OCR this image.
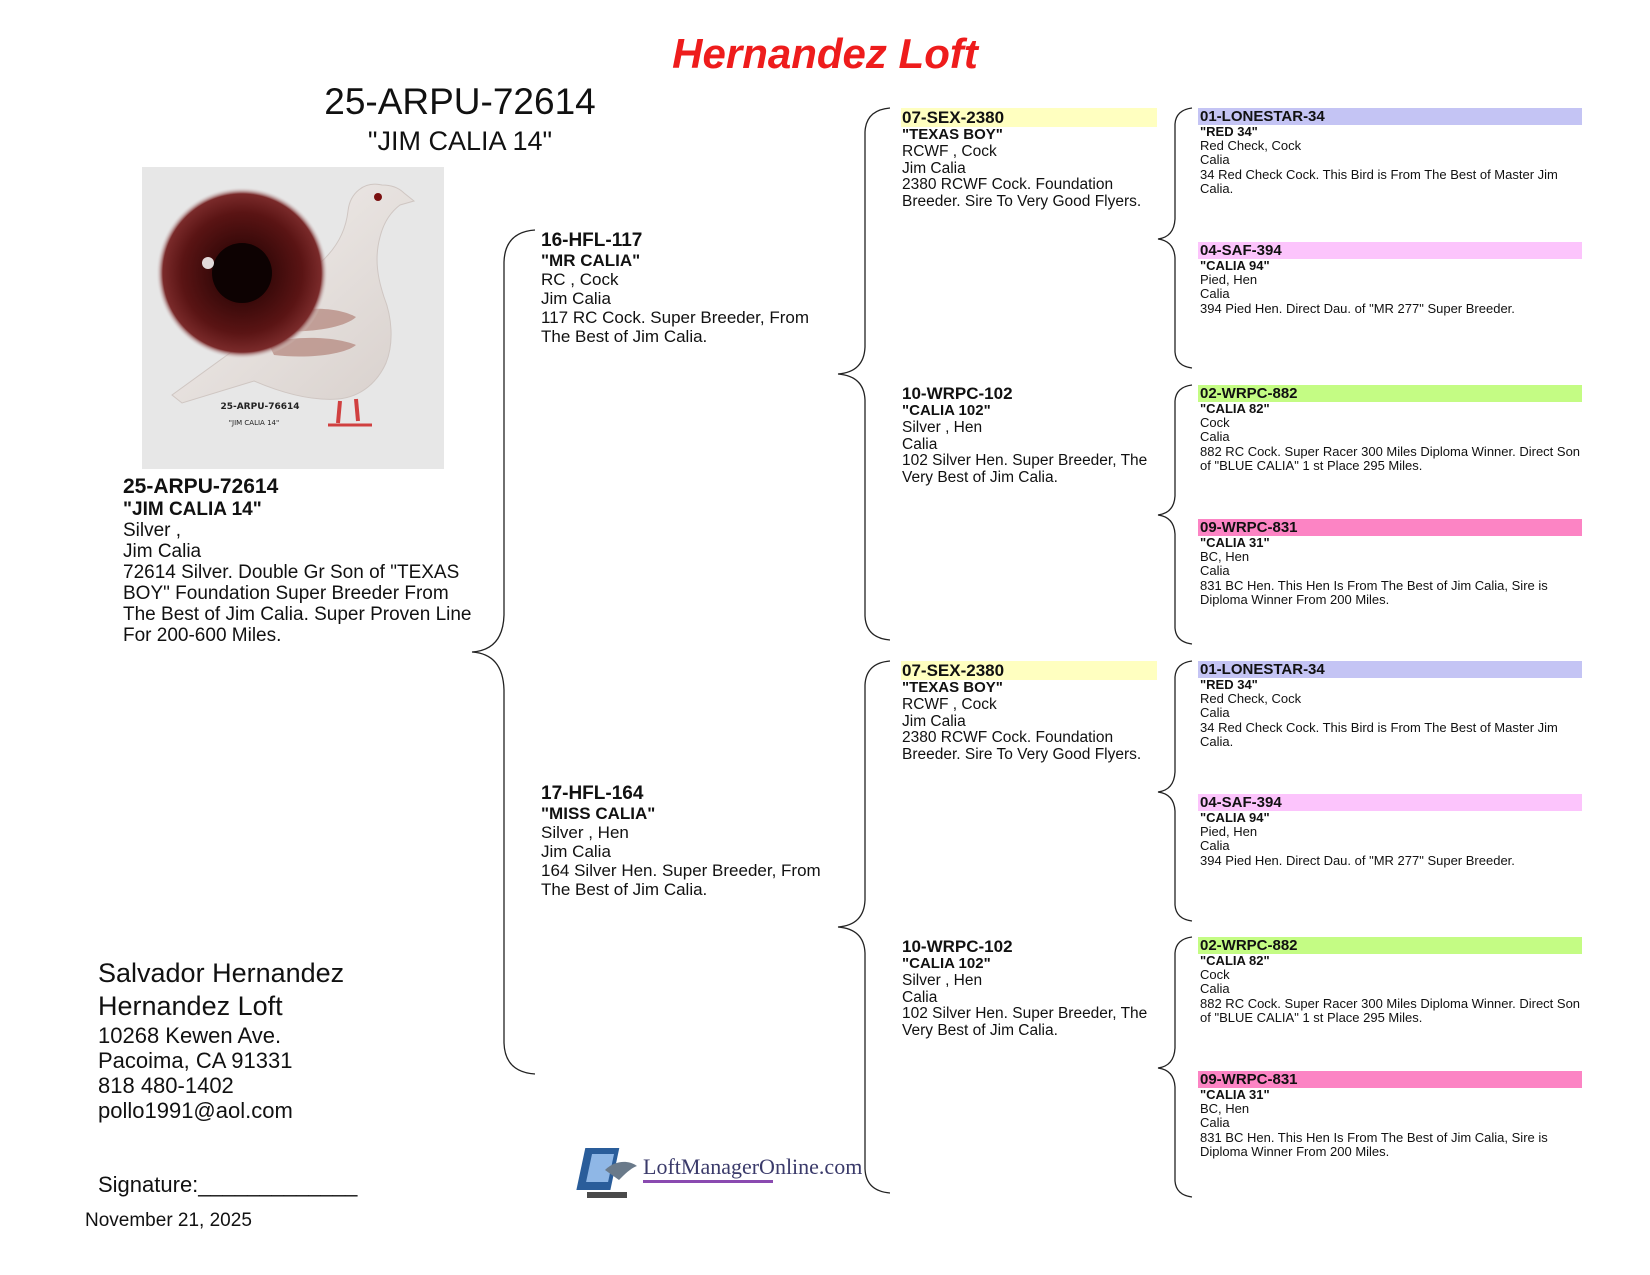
Hernandez Loft
25-ARPU-72614
"JIM CALIA 14"
25-ARPU-76614
"JIM CALIA 14"
25-ARPU-72614
"JIM CALIA 14"
Silver ,
Jim Calia
72614 Silver. Double Gr Son of "TEXAS BOY" Foundation Super Breeder From The Best of Jim Calia. Super Proven Line For 200-600 Miles.
16-HFL-117
"MR CALIA"
RC , Cock
Jim Calia
117 RC Cock. Super Breeder, From The Best of Jim Calia.
17-HFL-164
"MISS CALIA"
Silver , Hen
Jim Calia
164 Silver Hen. Super Breeder, From The Best of Jim Calia.
07-SEX-2380
"TEXAS BOY"
RCWF , Cock
Jim Calia
2380 RCWF Cock. Foundation Breeder. Sire To Very Good Flyers.
10-WRPC-102
"CALIA 102"
Silver , Hen
Calia
102 Silver Hen. Super Breeder, The Very Best of Jim Calia.
07-SEX-2380
"TEXAS BOY"
RCWF , Cock
Jim Calia
2380 RCWF Cock. Foundation Breeder. Sire To Very Good Flyers.
10-WRPC-102
"CALIA 102"
Silver , Hen
Calia
102 Silver Hen. Super Breeder, The Very Best of Jim Calia.
01-LONESTAR-34
"RED 34"
Red Check, Cock
Calia
34 Red Check Cock. This Bird is From The Best of Master Jim Calia.
04-SAF-394
"CALIA 94"
Pied, Hen
Calia
394 Pied Hen. Direct Dau. of "MR 277" Super Breeder.
02-WRPC-882
"CALIA 82"
Cock
Calia
882 RC Cock. Super Racer 300 Miles Diploma Winner. Direct Son of "BLUE CALIA" 1 st Place 295 Miles.
09-WRPC-831
"CALIA 31"
BC, Hen
Calia
831 BC Hen. This Hen Is From The Best of Jim Calia, Sire is Diploma Winner From 200 Miles.
01-LONESTAR-34
"RED 34"
Red Check, Cock
Calia
34 Red Check Cock. This Bird is From The Best of Master Jim Calia.
04-SAF-394
"CALIA 94"
Pied, Hen
Calia
394 Pied Hen. Direct Dau. of "MR 277" Super Breeder.
02-WRPC-882
"CALIA 82"
Cock
Calia
882 RC Cock. Super Racer 300 Miles Diploma Winner. Direct Son of "BLUE CALIA" 1 st Place 295 Miles.
09-WRPC-831
"CALIA 31"
BC, Hen
Calia
831 BC Hen. This Hen Is From The Best of Jim Calia, Sire is Diploma Winner From 200 Miles.
Salvador Hernandez
Hernandez Loft
10268 Kewen Ave.
Pacoima, CA 91331
818 480-1402
pollo1991@aol.com
LoftManagerOnline.com
Signature:_____________
November 21, 2025
